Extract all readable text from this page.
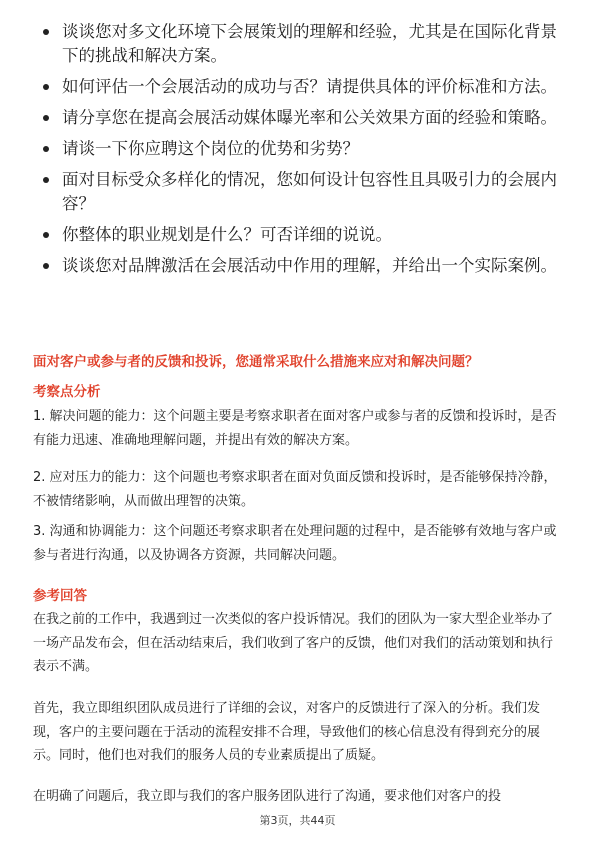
谈谈您对多文化环境下会展策划的理解和经验，尤其是在国际化背景下的挑战和解决方案。
如何评估一个会展活动的成功与否？请提供具体的评价标准和方法。
请分享您在提高会展活动媒体曝光率和公关效果方面的经验和策略。
请谈一下你应聘这个岗位的优势和劣势？
面对目标受众多样化的情况，您如何设计包容性且具吸引力的会展内容？
你整体的职业规划是什么？可否详细的说说。
谈谈您对品牌激活在会展活动中作用的理解，并给出一个实际案例。
面对客户或参与者的反馈和投诉，您通常采取什么措施来应对和解决问题？
考察点分析
1. 解决问题的能力：这个问题主要是考察求职者在面对客户或参与者的反馈和投诉时，是否有能力迅速、准确地理解问题，并提出有效的解决方案。
2. 应对压力的能力：这个问题也考察求职者在面对负面反馈和投诉时，是否能够保持冷静，不被情绪影响，从而做出理智的决策。
3. 沟通和协调能力：这个问题还考察求职者在处理问题的过程中，是否能够有效地与客户或参与者进行沟通，以及协调各方资源，共同解决问题。
参考回答
在我之前的工作中，我遇到过一次类似的客户投诉情况。我们的团队为一家大型企业举办了一场产品发布会，但在活动结束后，我们收到了客户的反馈，他们对我们的活动策划和执行表示不满。
首先，我立即组织团队成员进行了详细的会议，对客户的反馈进行了深入的分析。我们发现，客户的主要问题在于活动的流程安排不合理，导致他们的核心信息没有得到充分的展示。同时，他们也对我们的服务人员的专业素质提出了质疑。
在明确了问题后，我立即与我们的客户服务团队进行了沟通，要求他们对客户的投
第3页，共44页
